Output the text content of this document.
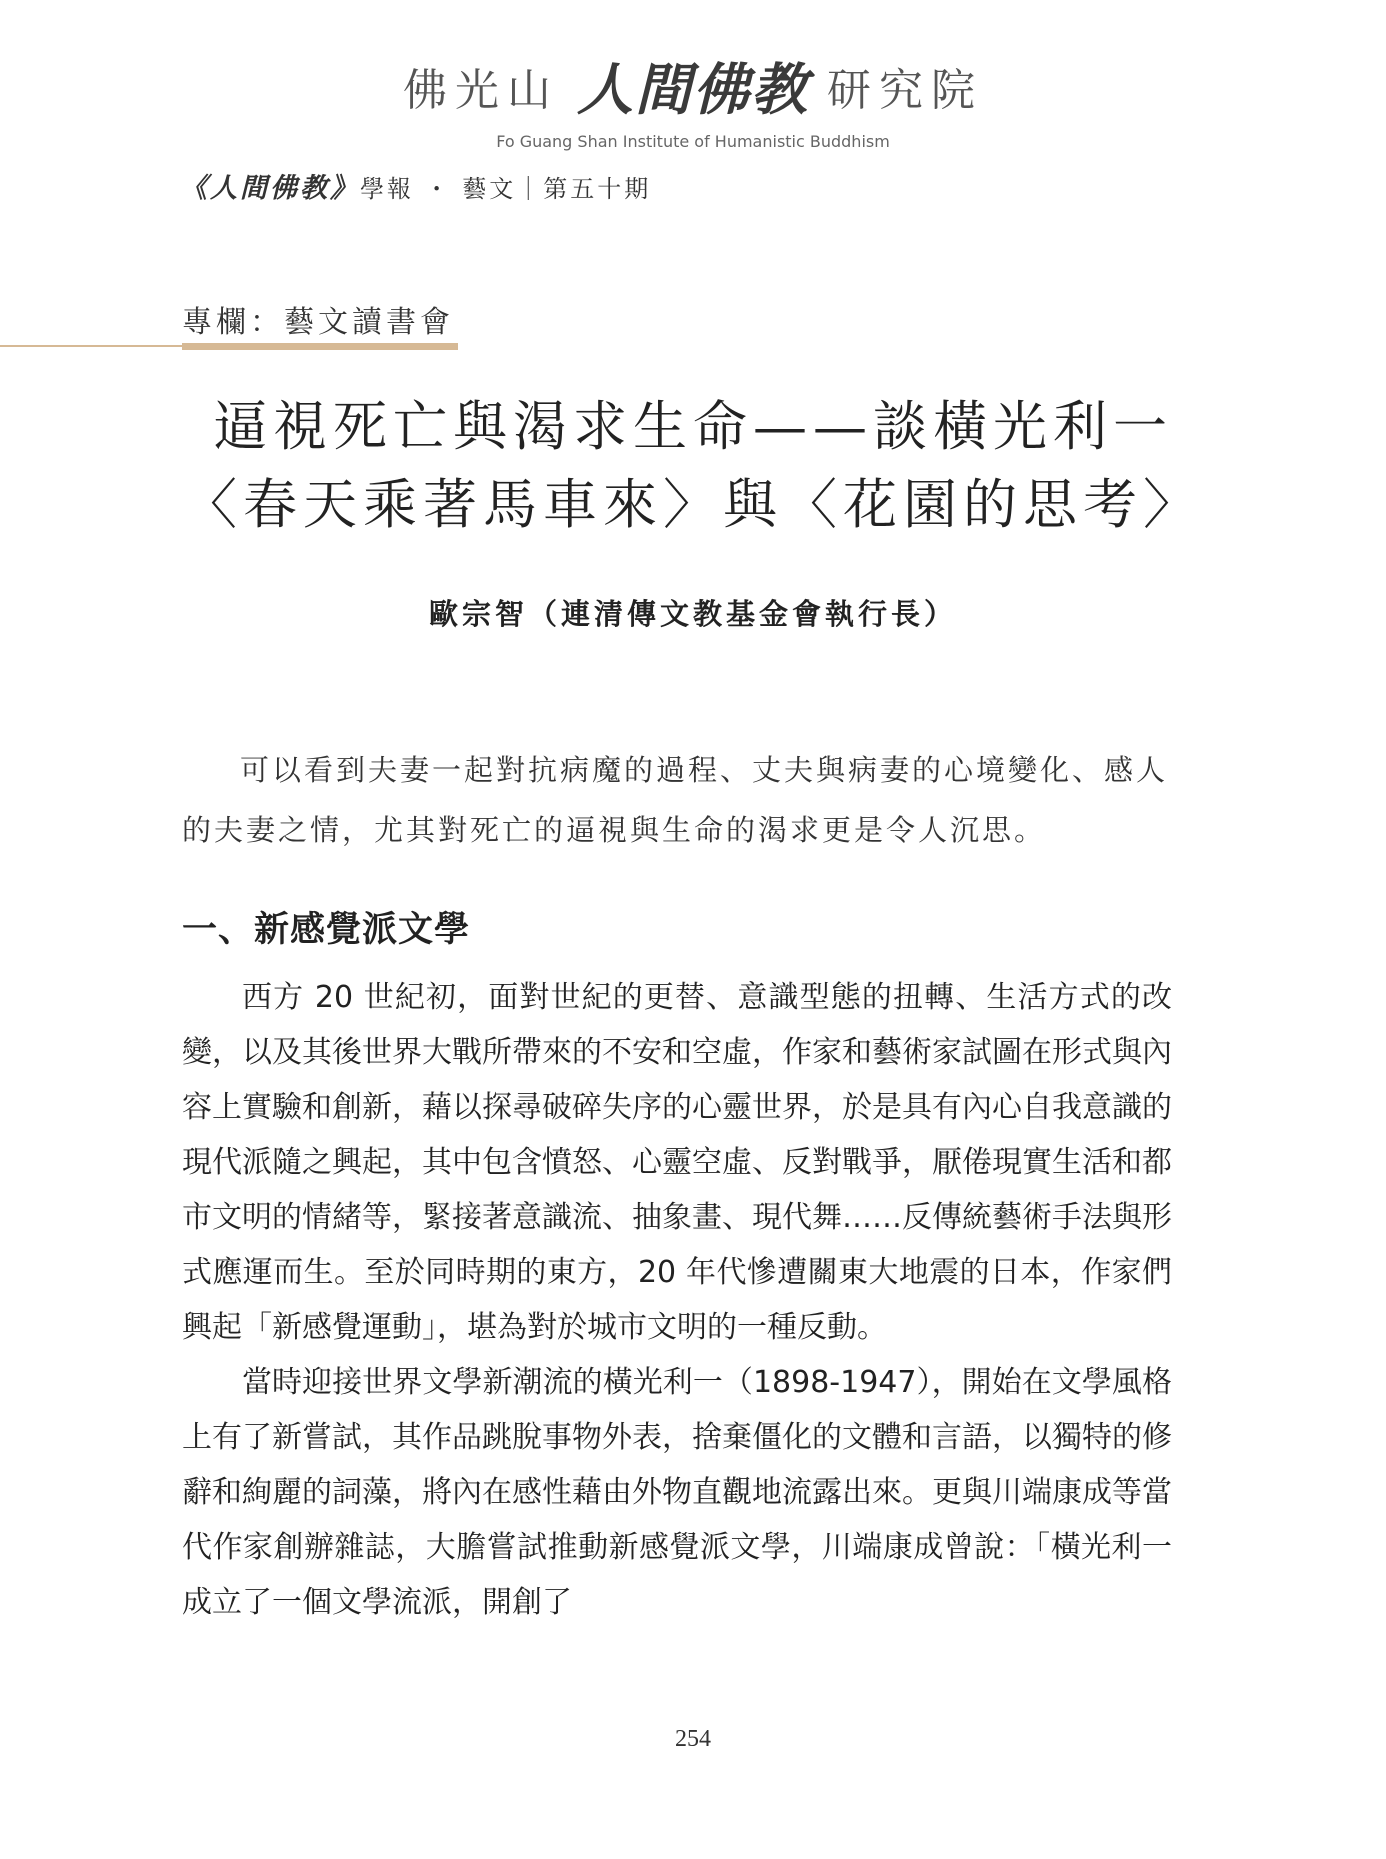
佛光山 人間佛教 研究院
Fo Guang Shan Institute of Humanistic Buddhism
《人間佛教》學報 ・ 藝文｜第五十期
專欄：藝文讀書會
逼視死亡與渴求生命——談橫光利一
〈春天乘著馬車來〉與〈花園的思考〉
歐宗智（連清傳文教基金會執行長）

可以看到夫妻一起對抗病魔的過程、丈夫與病妻的心境變化、感人的夫妻之情，尤其對死亡的逼視與生命的渴求更是令人沉思。

一、新感覺派文學

西方 20 世紀初，面對世紀的更替、意識型態的扭轉、生活方式的改變，以及其後世界大戰所帶來的不安和空虛，作家和藝術家試圖在形式與內容上實驗和創新，藉以探尋破碎失序的心靈世界，於是具有內心自我意識的現代派隨之興起，其中包含憤怒、心靈空虛、反對戰爭，厭倦現實生活和都市文明的情緒等，緊接著意識流、抽象畫、現代舞……反傳統藝術手法與形式應運而生。至於同時期的東方，20 年代慘遭關東大地震的日本，作家們興起「新感覺運動」，堪為對於城市文明的一種反動。

當時迎接世界文學新潮流的橫光利一（1898-1947），開始在文學風格上有了新嘗試，其作品跳脫事物外表，捨棄僵化的文體和言語，以獨特的修辭和絢麗的詞藻，將內在感性藉由外物直觀地流露出來。更與川端康成等當代作家創辦雜誌，大膽嘗試推動新感覺派文學，川端康成曾說：「橫光利一成立了一個文學流派，開創了

254
